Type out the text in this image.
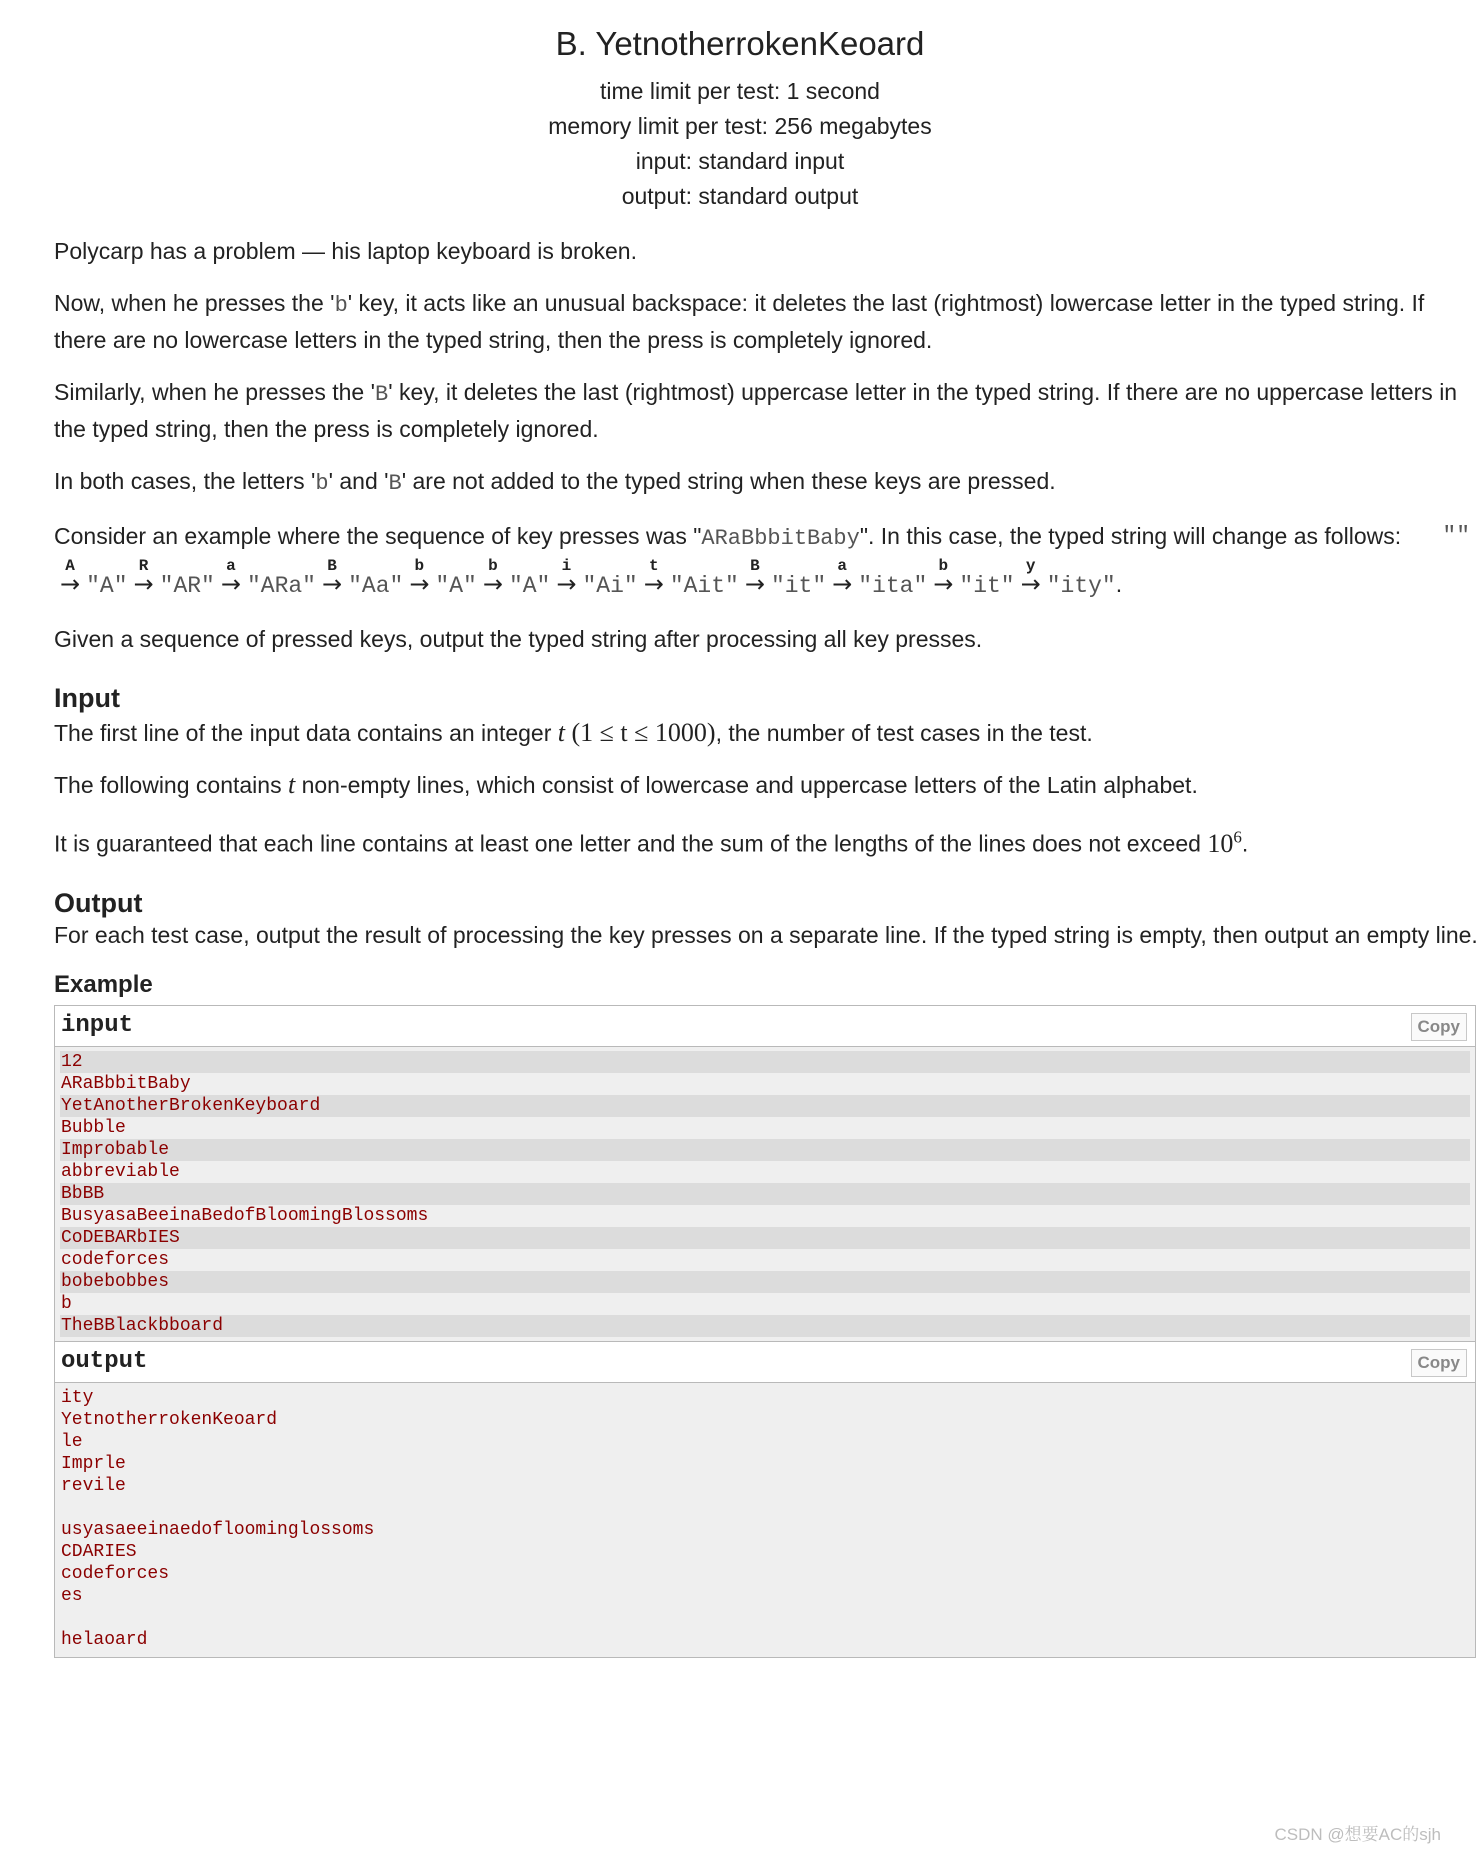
B. YetnotherrokenKeoard
time limit per test: 1 second
memory limit per test: 256 megabytes
input: standard input
output: standard output

Polycarp has a problem — his laptop keyboard is broken.

Now, when he presses the 'b' key, it acts like an unusual backspace: it deletes the last (rightmost) lowercase letter in the typed string. If there are no lowercase letters in the typed string, then the press is completely ignored.

Similarly, when he presses the 'B' key, it deletes the last (rightmost) uppercase letter in the typed string. If there are no uppercase letters in the typed string, then the press is completely ignored.

In both cases, the letters 'b' and 'B' are not added to the typed string when these keys are pressed.

Consider an example where the sequence of key presses was "ARaBbbitBaby". In this case, the typed string will change as follows: ""

→
A
"A" →
R
"AR" →
a
"ARa" →
B
"Aa" →
b
"A" →
b
"A" →
i
"Ai" →
t
"Ait" →
B
"it" →
a
"ita" →
b
"it" →
y
"ity".

Given a sequence of pressed keys, output the typed string after processing all key presses.

Input

The first line of the input data contains an integer t (1 ≤ t ≤ 1000), the number of test cases in the test.

The following contains t non-empty lines, which consist of lowercase and uppercase letters of the Latin alphabet.

It is guaranteed that each line contains at least one letter and the sum of the lengths of the lines does not exceed $10^6$.

Output

For each test case, output the result of processing the key presses on a separate line. If the typed string is empty, then output an empty line.

Example
input	Copy
12
ARaBbbitBaby
YetAnotherBrokenKeyboard
Bubble
Improbable
abbreviable
BbBB
BusyasaBeeinaBedofBloomingBlossoms
CoDEBARbIES
codeforces
bobebobbes
b
TheBBlackbboard
output	Copy
ity
YetnotherrokenKeoard
le
Imprle
revile
usyasaeeinaedofloominglossoms
CDARIES
codeforces
es
helaoard
CSDN @想要AC的sjh
